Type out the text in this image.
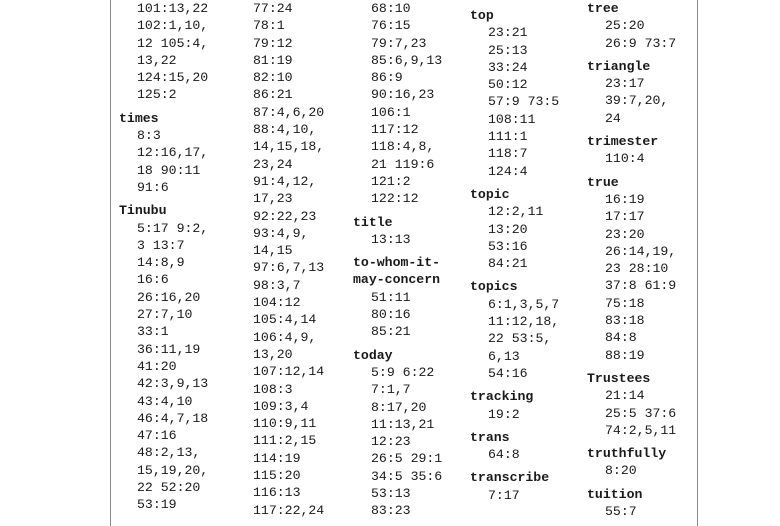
101:13,22
102:1,10,
12 105:4,
13,22
124:15,20
125:2
times
8:3
12:16,17,
18 90:11
91:6
Tinubu
5:17 9:2,
3 13:7
14:8,9
16:6
26:16,20
27:7,10
33:1
36:11,19
41:20
42:3,9,13
43:4,10
46:4,7,18
47:16
48:2,13,
15,19,20,
22 52:20
53:19
77:24
78:1
79:12
81:19
82:10
86:21
87:4,6,20
88:4,10,
14,15,18,
23,24
91:4,12,
17,23
92:22,23
93:4,9,
14,15
97:6,7,13
98:3,7
104:12
105:4,14
106:4,9,
13,20
107:12,14
108:3
109:3,4
110:9,11
111:2,15
114:19
115:20
116:13
117:22,24
68:10
76:15
79:7,23
85:6,9,13
86:9
90:16,23
106:1
117:12
118:4,8,
21 119:6
121:2
122:12
title
13:13
to-whom-it-
may-concern
51:11
80:16
85:21
today
5:9 6:22
7:1,7
8:17,20
11:13,21
12:23
26:5 29:1
34:5 35:6
53:13
83:23
top
23:21
25:13
33:24
50:12
57:9 73:5
108:11
111:1
118:7
124:4
topic
12:2,11
13:20
53:16
84:21
topics
6:1,3,5,7
11:12,18,
22 53:5,
6,13
54:16
tracking
19:2
trans
64:8
transcribe
7:17
tree
25:20
26:9 73:7
triangle
23:17
39:7,20,
24
trimester
110:4
true
16:19
17:17
23:20
26:14,19,
23 28:10
37:8 61:9
75:18
83:18
84:8
88:19
Trustees
21:14
25:5 37:6
74:2,5,11
truthfully
8:20
tuition
55:7
